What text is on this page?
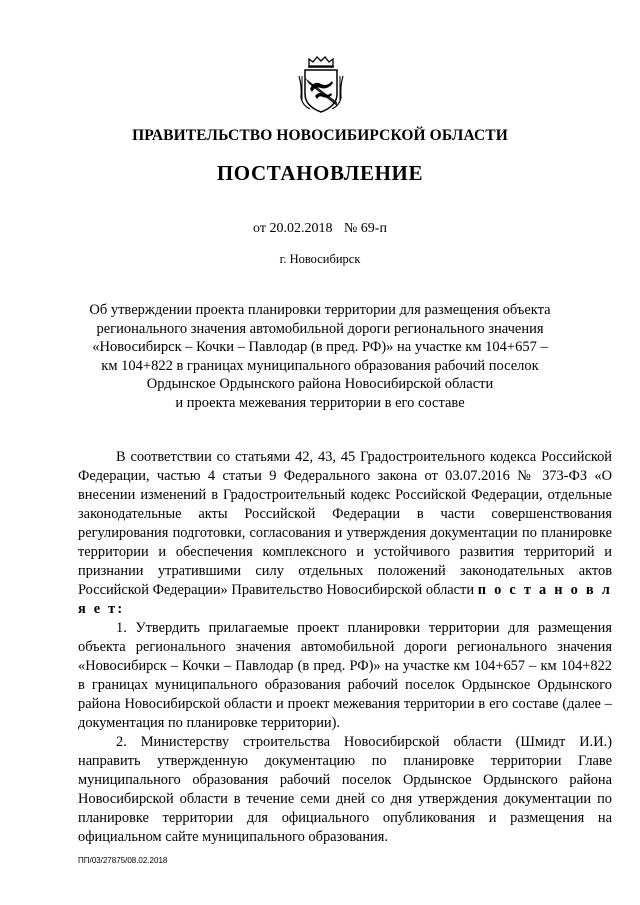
ПРАВИТЕЛЬСТВО НОВОСИБИРСКОЙ ОБЛАСТИ
ПОСТАНОВЛЕНИЕ
от 20.02.2018 № 69-п
г. Новосибирск
Об утверждении проекта планировки территории для размещения объекта
регионального значения автомобильной дороги регионального значения
«Новосибирск – Кочки – Павлодар (в пред. РФ)» на участке км 104+657 –
км 104+822 в границах муниципального образования рабочий поселок
Ордынское Ордынского района Новосибирской области
и проекта межевания территории в его составе

В соответствии со статьями 42, 43, 45 Градостроительного кодекса Российской Федерации, частью 4 статьи 9 Федерального закона от 03.07.2016 № 373-ФЗ «О внесении изменений в Градостроительный кодекс Российской Федерации, отдельные законодательные акты Российской Федерации в части совершенствования регулирования подготовки, согласования и утверждения документации по планировке территории и обеспечения комплексного и устойчивого развития территорий и признании утратившими силу отдельных положений законодательных актов Российской Федерации» Правительство Новосибирской области п о с т а н о в л я е т:

1. Утвердить прилагаемые проект планировки территории для размещения объекта регионального значения автомобильной дороги регионального значения «Новосибирск – Кочки – Павлодар (в пред. РФ)» на участке км 104+657 – км 104+822 в границах муниципального образования рабочий поселок Ордынское Ордынского района Новосибирской области и проект межевания территории в его составе (далее – документация по планировке территории).

2. Министерству строительства Новосибирской области (Шмидт И.И.) направить утвержденную документацию по планировке территории Главе муниципального образования рабочий поселок Ордынское Ордынского района Новосибирской области в течение семи дней со дня утверждения документации по планировке территории для официального опубликования и размещения на официальном сайте муниципального образования.

ПП/03/27875/08.02.2018
